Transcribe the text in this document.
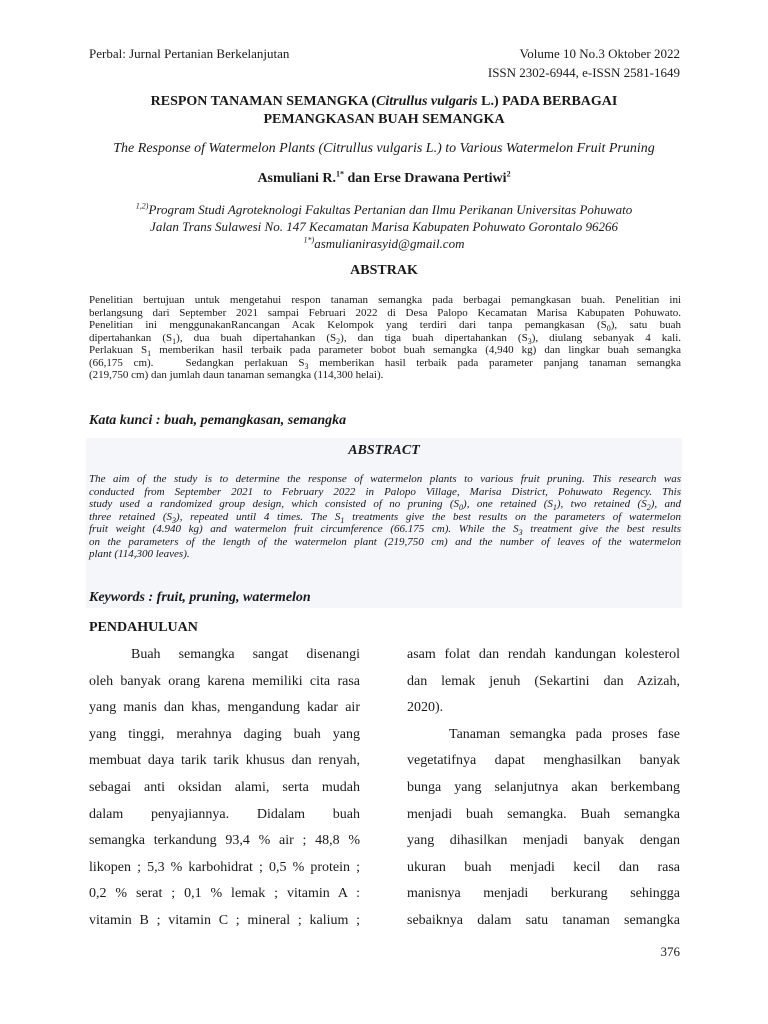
Perbal: Jurnal Pertanian Berkelanjutan	Volume 10 No.3 Oktober 2022
ISSN 2302-6944, e-ISSN 2581-1649
RESPON TANAMAN SEMANGKA (Citrullus vulgaris L.) PADA BERBAGAI
PEMANGKASAN BUAH SEMANGKA
The Response of Watermelon Plants (Citrullus vulgaris L.) to Various Watermelon Fruit Pruning
Asmuliani R.$^{1*}$ dan Erse Drawana Pertiwi$^2$
$^{1,2)}$Program Studi Agroteknologi Fakultas Pertanian dan Ilmu Perikanan Universitas Pohuwato
Jalan Trans Sulawesi No. 147 Kecamatan Marisa Kabupaten Pohuwato Gorontalo 96266
$^{1*)}$asmulianirasyid@gmail.com
ABSTRAK
Penelitian bertujuan untuk mengetahui respon tanaman semangka pada berbagai pemangkasan buah. Penelitian ini
berlangsung dari September 2021 sampai Februari 2022 di Desa Palopo Kecamatan Marisa Kabupaten Pohuwato.
Penelitian ini menggunakanRancangan Acak Kelompok yang terdiri dari tanpa pemangkasan $(S_0)$, satu buah
dipertahankan $(S_1)$, dua buah dipertahankan $(S_2)$, dan tiga buah dipertahankan $(S_3)$, diulang sebanyak 4 kali.
Perlakuan $S_1$ memberikan hasil terbaik pada parameter bobot buah semangka (4,940 kg) dan lingkar buah semangka
(66,175 cm).   Sedangkan perlakuan $S_3$ memberikan hasil terbaik pada parameter panjang tanaman semangka
(219,750 cm) dan jumlah daun tanaman semangka (114,300 helai).
Kata kunci : buah, pemangkasan, semangka
ABSTRACT
The aim of the study is to determine the response of watermelon plants to various fruit pruning. This research was
conducted from September 2021 to February 2022 in Palopo Village, Marisa District, Pohuwato Regency. This
study used a randomized group design, which consisted of no pruning $(S_0)$, one retained $(S_1)$, two retained $(S_2)$, and
three retained $(S_3)$, repeated until 4 times. The $S_1$ treatments give the best results on the parameters of watermelon
fruit weight (4.940 kg) and watermelon fruit circumference (66.175 cm). While the $S_3$ treatment give the best results
on the parameters of the length of the watermelon plant (219,750 cm) and the number of leaves of the watermelon
plant (114,300 leaves).
Keywords : fruit, pruning, watermelon
PENDAHULUAN

Buah semangka sangat disenangi

oleh banyak orang karena memiliki cita rasa

yang manis dan khas, mengandung kadar air

yang tinggi, merahnya daging buah yang

membuat daya tarik tarik khusus dan renyah,

sebagai anti oksidan alami, serta mudah

dalam penyajiannya. Didalam buah

semangka terkandung 93,4 % air ; 48,8 %

likopen ; 5,3 % karbohidrat ; 0,5 % protein ;

0,2 % serat ; 0,1 % lemak ; vitamin A :

vitamin B ; vitamin C ; mineral ; kalium ;

asam folat dan rendah kandungan kolesterol

dan lemak jenuh (Sekartini dan Azizah,

2020).

Tanaman semangka pada proses fase

vegetatifnya dapat menghasilkan banyak

bunga yang selanjutnya akan berkembang

menjadi buah semangka. Buah semangka

yang dihasilkan menjadi banyak dengan

ukuran buah menjadi kecil dan rasa

manisnya menjadi berkurang sehingga

sebaiknya dalam satu tanaman semangka

376
